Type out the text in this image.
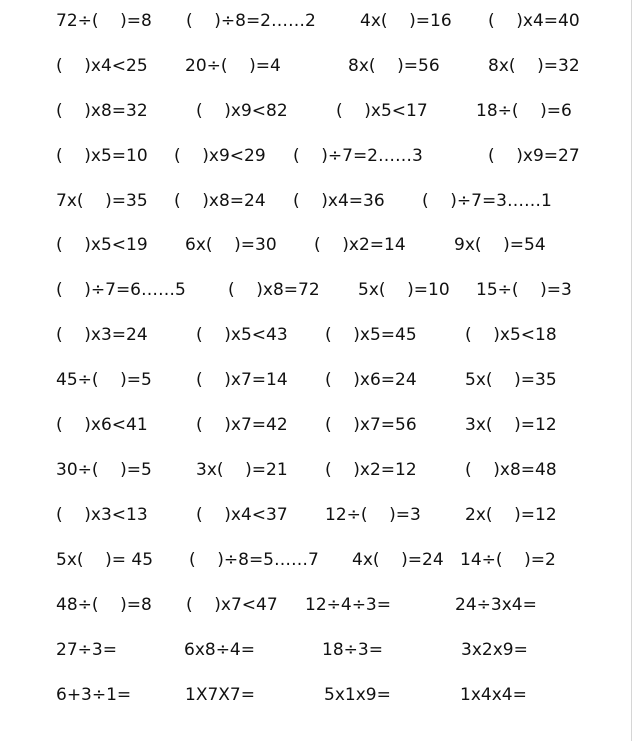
72÷(    )=8 (    )÷8=2……2	4x(    )=16 (    )x4=40
(    )x4<25 20÷(    )=4	8x(    )=56	8x(    )=32
(    )x8=32	(    )x9<82	(    )x5<17	18÷(    )=6
(    )x5=10 (    )x9<29 (    )÷7=2……3	(    )x9=27
7x(    )=35 (    )x8=24 (    )x4=36 (    )÷7=3……1
(    )x5<19 6x(    )=30 (    )x2=14	9x(    )=54
(    )÷7=6……5 (    )x8=72 5x(    )=10 15÷(    )=3
(    )x3=24	(    )x5<43 (    )x5=45	(    )x5<18
45÷(    )=5	(    )x7=14 (    )x6=24	5x(    )=35
(    )x6<41	(    )x7=42 (    )x7=56	3x(    )=12
30÷(    )=5	3x(    )=21 (    )x2=12	(    )x8=48
(    )x3<13	(    )x4<37 12÷(    )=3	2x(    )=12
5x(    )= 45 (    )÷8=5……7 4x(    )=24 14÷(    )=2
48÷(    )=8 (    )x7<47 12÷4÷3=	24÷3x4=
27÷3=	6x8÷4=	18÷3=	3x2x9=
6+3÷1=	1X7X7=	5x1x9=	1x4x4=
